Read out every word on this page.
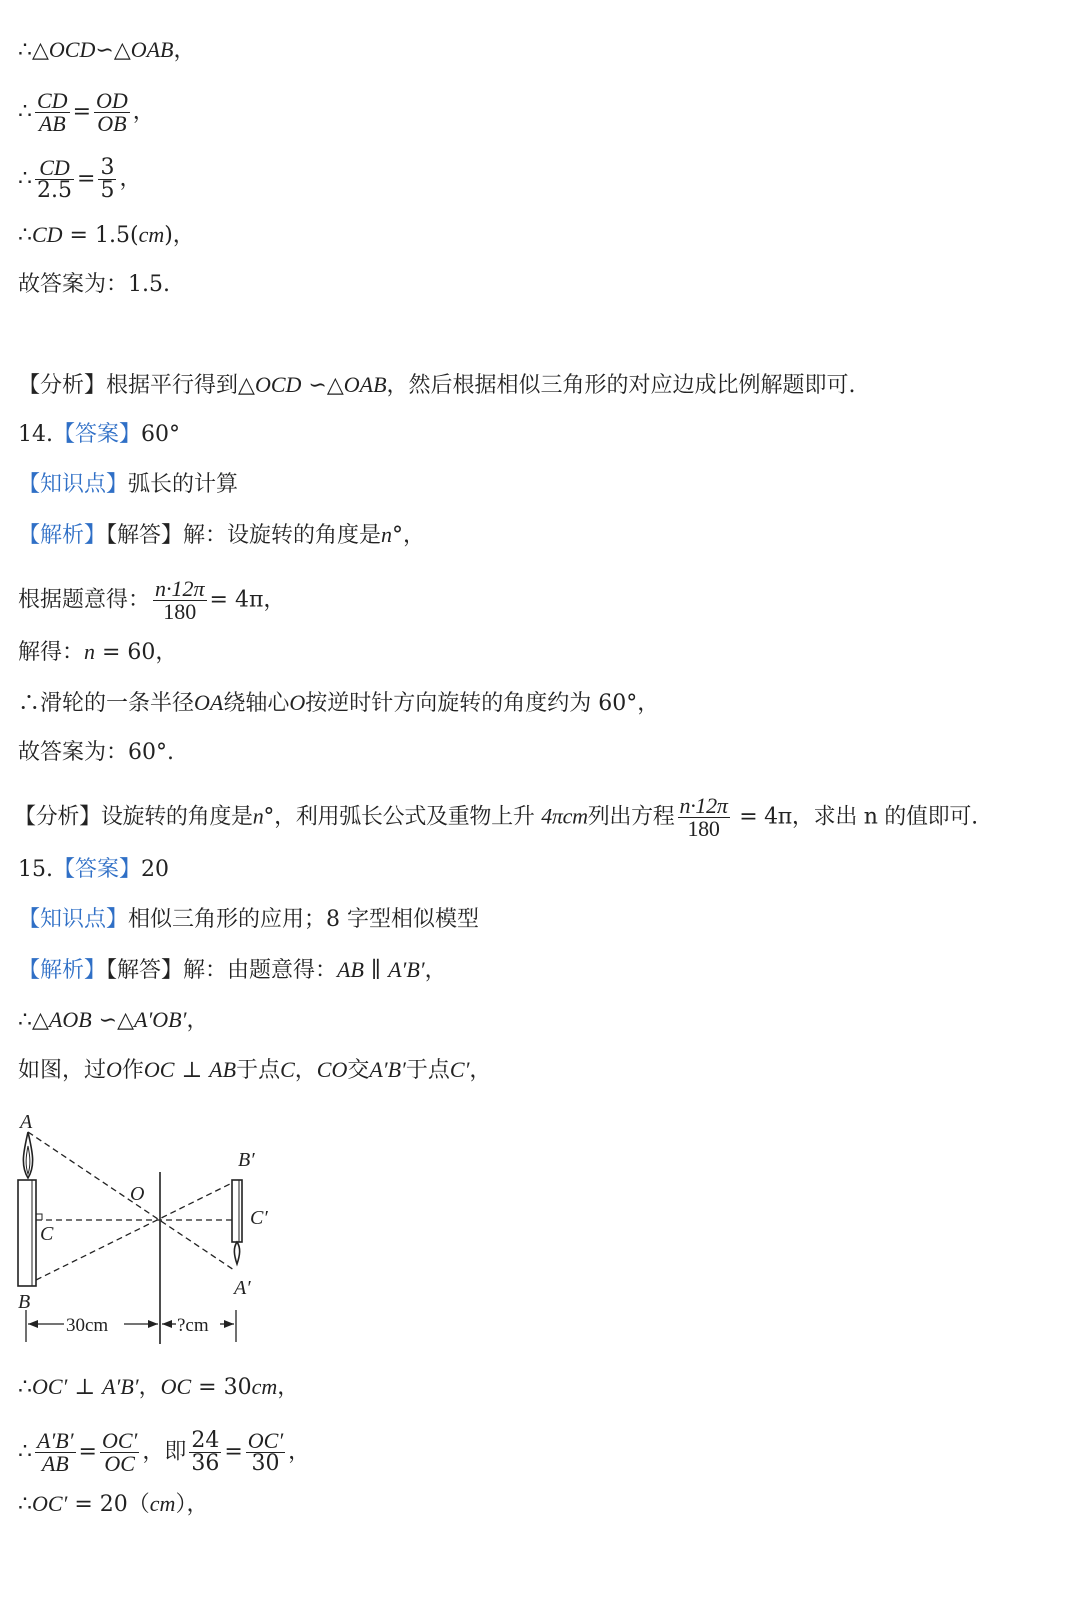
∴△OCD∽△OAB，
∴ $\frac{CD}{AB} = \frac{OD}{OB}$ ，
∴ $\frac{CD}{2.5} = \frac{3}{5}$ ，
∴CD = 1.5(cm)，
故答案为：1.5.
【分析】根据平行得到△OCD ∽△OAB，然后根据相似三角形的对应边成比例解题即可.
14.【答案】60°
【知识点】弧长的计算
【解析】【解答】解：设旋转的角度是n°，
根据题意得： $\frac{n\cdot 12\pi}{180} = 4\pi$，
解得：n = 60，
∴滑轮的一条半径OA绕轴心O按逆时针方向旋转的角度约为 60°，
故答案为：60°.
【分析】设旋转的角度是n°，利用弧长公式及重物上升 4πcm列出方程 $\frac{n\cdot 12\pi}{180} = 4\pi$，求出 n 的值即可.
15.【答案】20
【知识点】相似三角形的应用；8 字型相似模型
【解析】【解答】解：由题意得：AB ∥ A′B′，
∴△AOB ∽△A′OB′，
如图，过O作OC ⊥ AB于点C，CO交A′B′于点C′，
A
B
C
O
B′
C′
A′
30cm	?cm
∴OC′ ⊥ A′B′，OC = 30cm，
∴ $\frac{A'B'}{AB} = \frac{OC'}{OC}$ ，即 $\frac{24}{36} = \frac{OC'}{30}$ ，
∴OC′ = 20（cm），
